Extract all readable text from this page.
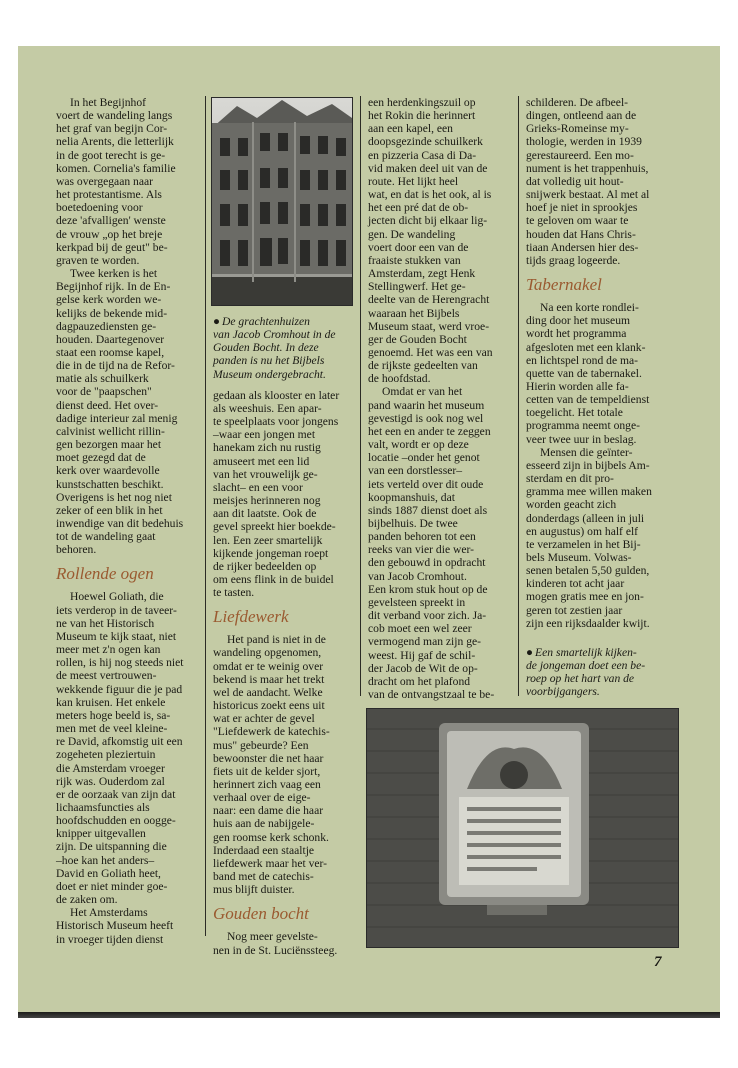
In het Begijnhof
voert de wandeling langs
het graf van begijn Cor-
nelia Arents, die letterlijk
in de goot terecht is ge-
komen. Cornelia's familie
was overgegaan naar
het protestantisme. Als
boetedoening voor
deze 'afvalligen' wenste
de vrouw „op het breje
kerkpad bij de geut" be-
graven te worden.

Twee kerken is het
Begijnhof rijk. In de En-
gelse kerk worden we-
kelijks de bekende mid-
dagpauzediensten ge-
houden. Daartegenover
staat een roomse kapel,
die in de tijd na de Refor-
matie als schuilkerk
voor de "paapschen"
dienst deed. Het over-
dadige interieur zal menig
calvinist wellicht rillin-
gen bezorgen maar het
moet gezegd dat de
kerk over waardevolle
kunstschatten beschikt.
Overigens is het nog niet
zeker of een blik in het
inwendige van dit bedehuis
tot de wandeling gaat
behoren.

Rollende ogen

Hoewel Goliath, die
iets verderop in de taveer-
ne van het Historisch
Museum te kijk staat, niet
meer met z'n ogen kan
rollen, is hij nog steeds niet
de meest vertrouwen-
wekkende figuur die je pad
kan kruisen. Het enkele
meters hoge beeld is, sa-
men met de veel kleine-
re David, afkomstig uit een
zogeheten pleziertuin
die Amsterdam vroeger
rijk was. Ouderdom zal
er de oorzaak van zijn dat
lichaamsfuncties als
hoofdschudden en oogge-
knipper uitgevallen
zijn. De uitspanning die
–hoe kan het anders–
David en Goliath heet,
doet er niet minder goe-
de zaken om.

Het Amsterdams
Historisch Museum heeft
in vroeger tijden dienst

● De grachtenhuizen
van Jacob Cromhout in de
Gouden Bocht. In deze
panden is nu het Bijbels
Museum ondergebracht.

gedaan als klooster en later
als weeshuis. Een apar-
te speelplaats voor jongens
–waar een jongen met
hanekam zich nu rustig
amuseert met een lid
van het vrouwelijk ge-
slacht– en een voor
meisjes herinneren nog
aan dit laatste. Ook de
gevel spreekt hier boekde-
len. Een zeer smartelijk
kijkende jongeman roept
de rijker bedeelden op
om eens flink in de buidel
te tasten.

Liefdewerk

Het pand is niet in de
wandeling opgenomen,
omdat er te weinig over
bekend is maar het trekt
wel de aandacht. Welke
historicus zoekt eens uit
wat er achter de gevel
"Liefdewerk de katechis-
mus" gebeurde? Een
bewoonster die net haar
fiets uit de kelder sjort,
herinnert zich vaag een
verhaal over de eige-
naar: een dame die haar
huis aan de nabijgele-
gen roomse kerk schonk.
Inderdaad een staaltje
liefdewerk maar het ver-
band met de catechis-
mus blijft duister.

Gouden bocht

Nog meer gevelste-
nen in de St. Luciënssteeg.

een herdenkingszuil op
het Rokin die herinnert
aan een kapel, een
doopsgezinde schuilkerk
en pizzeria Casa di Da-
vid maken deel uit van de
route. Het lijkt heel
wat, en dat is het ook, al is
het een pré dat de ob-
jecten dicht bij elkaar lig-
gen. De wandeling
voert door een van de
fraaiste stukken van
Amsterdam, zegt Henk
Stellingwerf. Het ge-
deelte van de Herengracht
waaraan het Bijbels
Museum staat, werd vroe-
ger de Gouden Bocht
genoemd. Het was een van
de rijkste gedeelten van
de hoofdstad.

Omdat er van het
pand waarin het museum
gevestigd is ook nog wel
het een en ander te zeggen
valt, wordt er op deze
locatie –onder het genot
van een dorstlesser–
iets verteld over dit oude
koopmanshuis, dat
sinds 1887 dienst doet als
bijbelhuis. De twee
panden behoren tot een
reeks van vier die wer-
den gebouwd in opdracht
van Jacob Cromhout.
Een krom stuk hout op de
gevelsteen spreekt in
dit verband voor zich. Ja-
cob moet een wel zeer
vermogend man zijn ge-
weest. Hij gaf de schil-
der Jacob de Wit de op-
dracht om het plafond
van de ontvangstzaal te be-

schilderen. De afbeel-
dingen, ontleend aan de
Grieks-Romeinse my-
thologie, werden in 1939
gerestaureerd. Een mo-
nument is het trappenhuis,
dat volledig uit hout-
snijwerk bestaat. Al met al
hoef je niet in sprookjes
te geloven om waar te
houden dat Hans Chris-
tiaan Andersen hier des-
tijds graag logeerde.

Tabernakel

Na een korte rondlei-
ding door het museum
wordt het programma
afgesloten met een klank-
en lichtspel rond de ma-
quette van de tabernakel.
Hierin worden alle fa-
cetten van de tempeldienst
toegelicht. Het totale
programma neemt onge-
veer twee uur in beslag.

Mensen die geïnter-
esseerd zijn in bijbels Am-
sterdam en dit pro-
gramma mee willen maken
worden geacht zich
donderdags (alleen in juli
en augustus) om half elf
te verzamelen in het Bij-
bels Museum. Volwas-
senen betalen 5,50 gulden,
kinderen tot acht jaar
mogen gratis mee en jon-
geren tot zestien jaar
zijn een rijksdaalder kwijt.

● Een smartelijk kijken-
de jongeman doet een be-
roep op het hart van de
voorbijgangers.

7
